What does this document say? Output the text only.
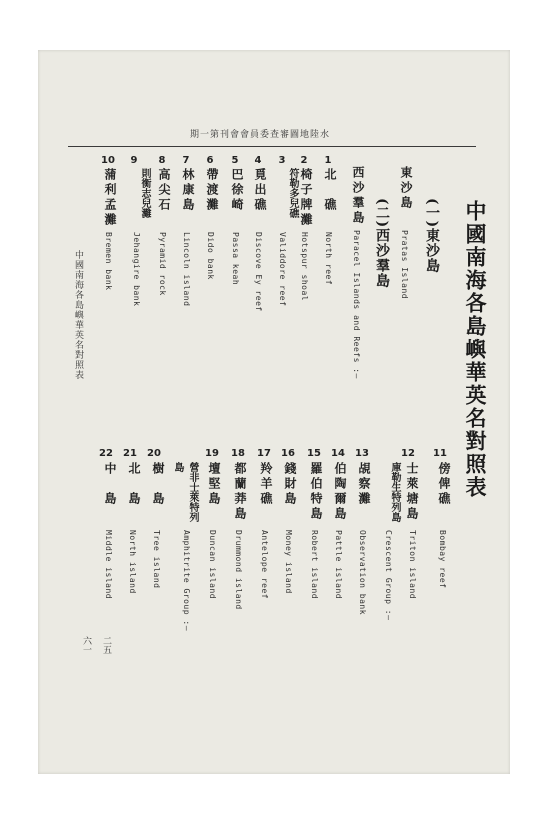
水陸地圖審查委員會會刊第一期
中國南海各島嶼華英名對照表
(一)東沙島
東沙島
Pratas Island
(二)西沙羣島
西沙羣島
Paracel Islands and Reefs :—
1
北　礁
North reef
2
椅子牌灘
Hotspur shoal
3
符勒多兒礁
Validdore reef
4
覓出礁
Discove Ey reef
5
巴徐崎
Passa keah
6
帶渡灘
Dido bank
7
林康島
Lincoln island
8
高尖石
Pyramid rock
9
則衡志兒灘
Jehangire bank
10
蒲利孟灘
Bremen bank
11
傍俾礁
Bombay reef
12
士萊塘島
Triton island
庫勒生特列島
Crescent Group :—
13
覘察灘
Observation bank
14
伯陶爾島
Pattle island
15
羅伯特島
Robert island
16
錢財島
Money island
17
羚羊礁
Antelope reef
18
都蘭莽島
Drummond island
19
壇堅島
Duncan island
營非士萊特列島
Amphitrite Group :—
20
樹　島
Tree island
21
北　島
North island
22
中　島
Middle island
中國南海各島嶼華英名對照表
二五
六一
